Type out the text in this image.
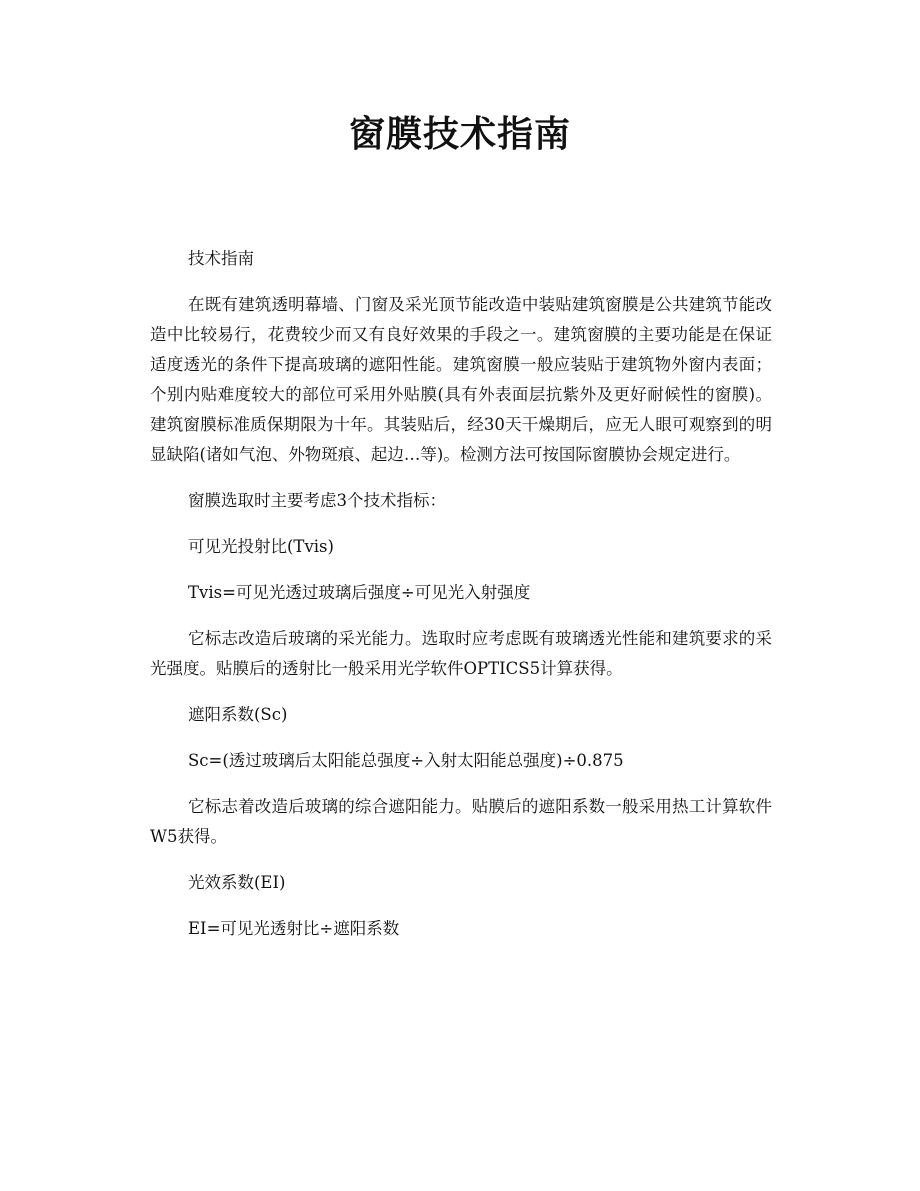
窗膜技术指南

技术指南

在既有建筑透明幕墙、门窗及采光顶节能改造中装贴建筑窗膜是公共建筑节能改造中比较易行，花费较少而又有良好效果的手段之一。建筑窗膜的主要功能是在保证适度透光的条件下提高玻璃的遮阳性能。建筑窗膜一般应装贴于建筑物外窗内表面；个别内贴难度较大的部位可采用外贴膜(具有外表面层抗紫外及更好耐候性的窗膜)。建筑窗膜标准质保期限为十年。其装贴后，经30天干燥期后，应无人眼可观察到的明显缺陷(诸如气泡、外物斑痕、起边…等)。检测方法可按国际窗膜协会规定进行。

窗膜选取时主要考虑3个技术指标：

可见光投射比(Tvis)

Tvis=可见光透过玻璃后强度÷可见光入射强度

它标志改造后玻璃的采光能力。选取时应考虑既有玻璃透光性能和建筑要求的采光强度。贴膜后的透射比一般采用光学软件OPTICS5计算获得。

遮阳系数(Sc)

Sc=(透过玻璃后太阳能总强度÷入射太阳能总强度)÷0.875

它标志着改造后玻璃的综合遮阳能力。贴膜后的遮阳系数一般采用热工计算软件W5获得。

光效系数(EI)

EI=可见光透射比÷遮阳系数
